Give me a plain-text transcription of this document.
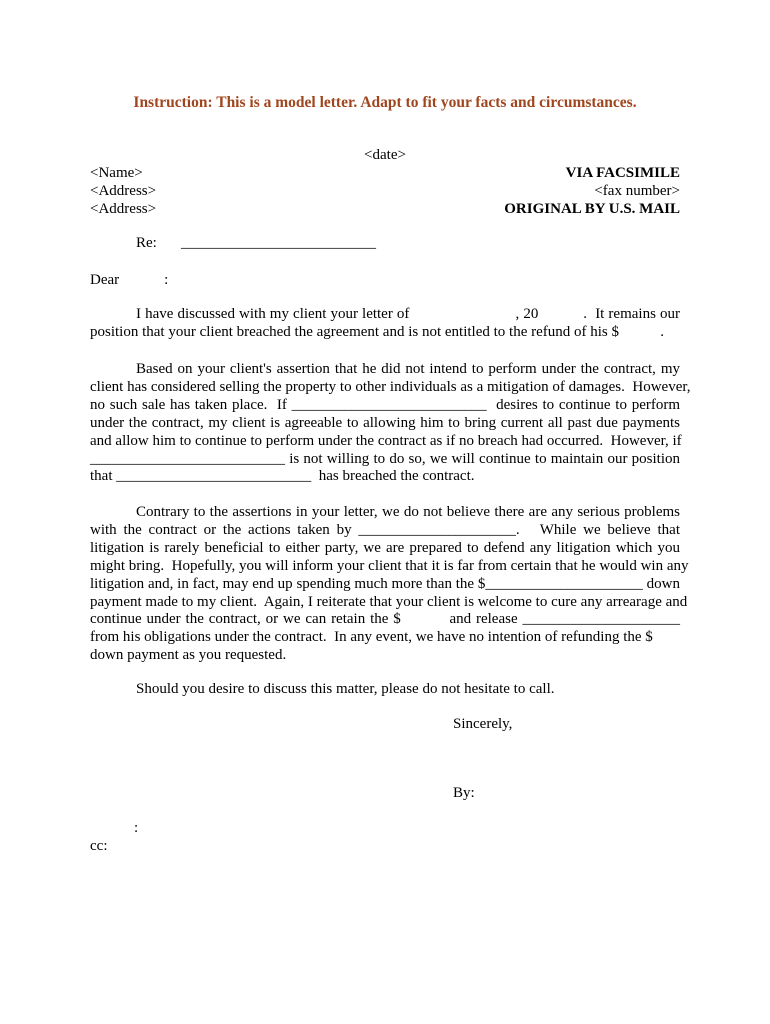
Instruction: This is a model letter. Adapt to fit your facts and circumstances.
<date>
<Name>
<Address>
<Address>
VIA FACSIMILE
<fax number>
ORIGINAL BY U.S. MAIL
Re: __________________________
Dear            :
I have discussed with my client your letter of                          , 20           .  It remains our
position that your client breached the agreement and is not entitled to the refund of his $           .
Based on your client's assertion that he did not intend to perform under the contract, my
client has considered selling the property to other individuals as a mitigation of damages.  However,
no such sale has taken place.  If __________________________  desires to continue to perform
under the contract, my client is agreeable to allowing him to bring current all past due payments
and allow him to continue to perform under the contract as if no breach had occurred.  However, if
__________________________ is not willing to do so, we will continue to maintain our position
that __________________________  has breached the contract.
Contrary to the assertions in your letter, we do not believe there are any serious problems
with the contract or the actions taken by _____________________.   While we believe that
litigation is rarely beneficial to either party, we are prepared to defend any litigation which you
might bring.  Hopefully, you will inform your client that it is far from certain that he would win any
litigation and, in fact, may end up spending much more than the $_____________________ down
payment made to my client.  Again, I reiterate that your client is welcome to cure any arrearage and
continue under the contract, or we can retain the $          and release _____________________
from his obligations under the contract.  In any event, we have no intention of refunding the $
down payment as you requested.
Should you desire to discuss this matter, please do not hesitate to call.
Sincerely,
By:
:
cc:
